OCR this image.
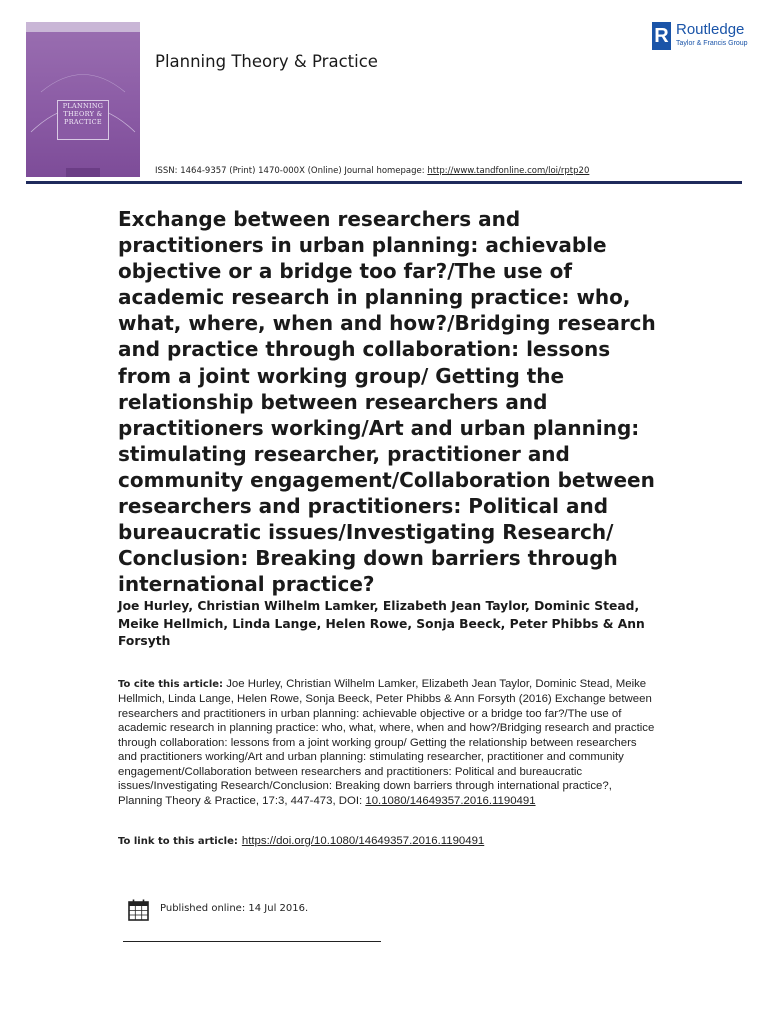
PLANNING
THEORY &
PRACTICE
Planning Theory & Practice
R Routledge
Taylor & Francis Group
ISSN: 1464-9357 (Print) 1470-000X (Online) Journal homepage: http://www.tandfonline.com/loi/rptp20
Exchange between researchers and practitioners in urban planning: achievable objective or a bridge too far?/The use of academic research in planning practice: who, what, where, when and how?/Bridging research and practice through collaboration: lessons from a joint working group/ Getting the relationship between researchers and practitioners working/Art and urban planning: stimulating researcher, practitioner and community engagement/Collaboration between researchers and practitioners: Political and bureaucratic issues/Investigating Research/ Conclusion: Breaking down barriers through international practice?
Joe Hurley, Christian Wilhelm Lamker, Elizabeth Jean Taylor, Dominic Stead, Meike Hellmich, Linda Lange, Helen Rowe, Sonja Beeck, Peter Phibbs & Ann Forsyth
To cite this article: Joe Hurley, Christian Wilhelm Lamker, Elizabeth Jean Taylor, Dominic Stead, Meike Hellmich, Linda Lange, Helen Rowe, Sonja Beeck, Peter Phibbs & Ann Forsyth (2016) Exchange between researchers and practitioners in urban planning: achievable objective or a bridge too far?/The use of academic research in planning practice: who, what, where, when and how?/Bridging research and practice through collaboration: lessons from a joint working group/ Getting the relationship between researchers and practitioners working/Art and urban planning: stimulating researcher, practitioner and community engagement/Collaboration between researchers and practitioners: Political and bureaucratic issues/Investigating Research/Conclusion: Breaking down barriers through international practice?, Planning Theory & Practice, 17:3, 447-473, DOI: 10.1080/14649357.2016.1190491
To link to this article: https://doi.org/10.1080/14649357.2016.1190491
Published online: 14 Jul 2016.
